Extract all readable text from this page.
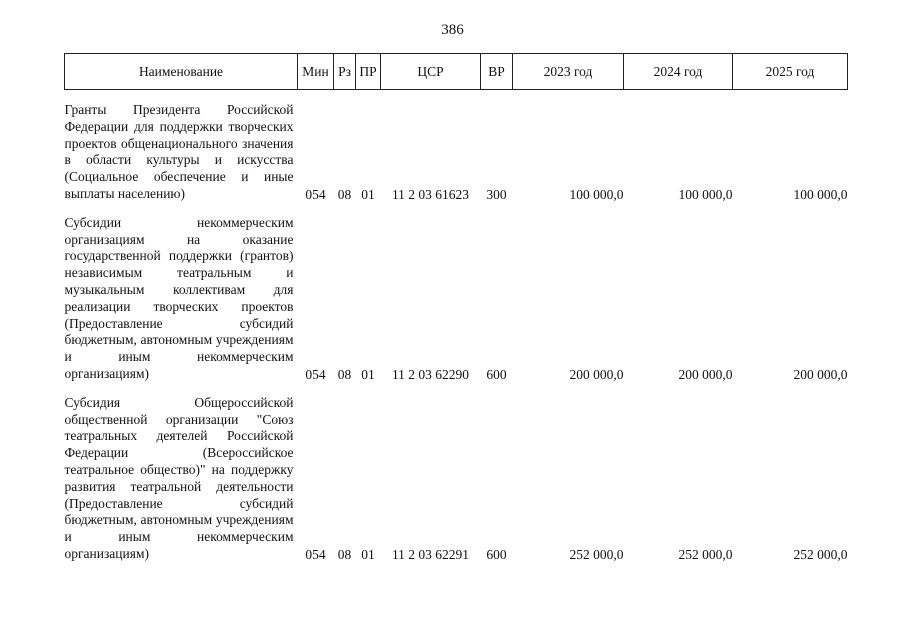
386
Наименование	Мин	Рз	ПР	ЦСР	ВР	2023 год	2024 год	2025 год

Гранты Президента Российской Федерации для поддержки творческих проектов общенационального значения в области культуры и искусства (Социальное обеспечение и иные выплаты населению)	054	08	01	11 2 03 61623	300	100 000,0	100 000,0	100 000,0

Субсидии некоммерческим организациям на оказание государственной поддержки (грантов) независимым театральным и музыкальным коллективам для реализации творческих проектов (Предоставление субсидий бюджетным, автономным учреждениям и иным некоммерческим организациям)	054	08	01	11 2 03 62290	600	200 000,0	200 000,0	200 000,0

Субсидия Общероссийской общественной организации "Союз театральных деятелей Российской Федерации (Всероссийское театральное общество)" на поддержку развития театральной деятельности (Предоставление субсидий бюджетным, автономным учреждениям и иным некоммерческим организациям)	054	08	01	11 2 03 62291	600	252 000,0	252 000,0	252 000,0
